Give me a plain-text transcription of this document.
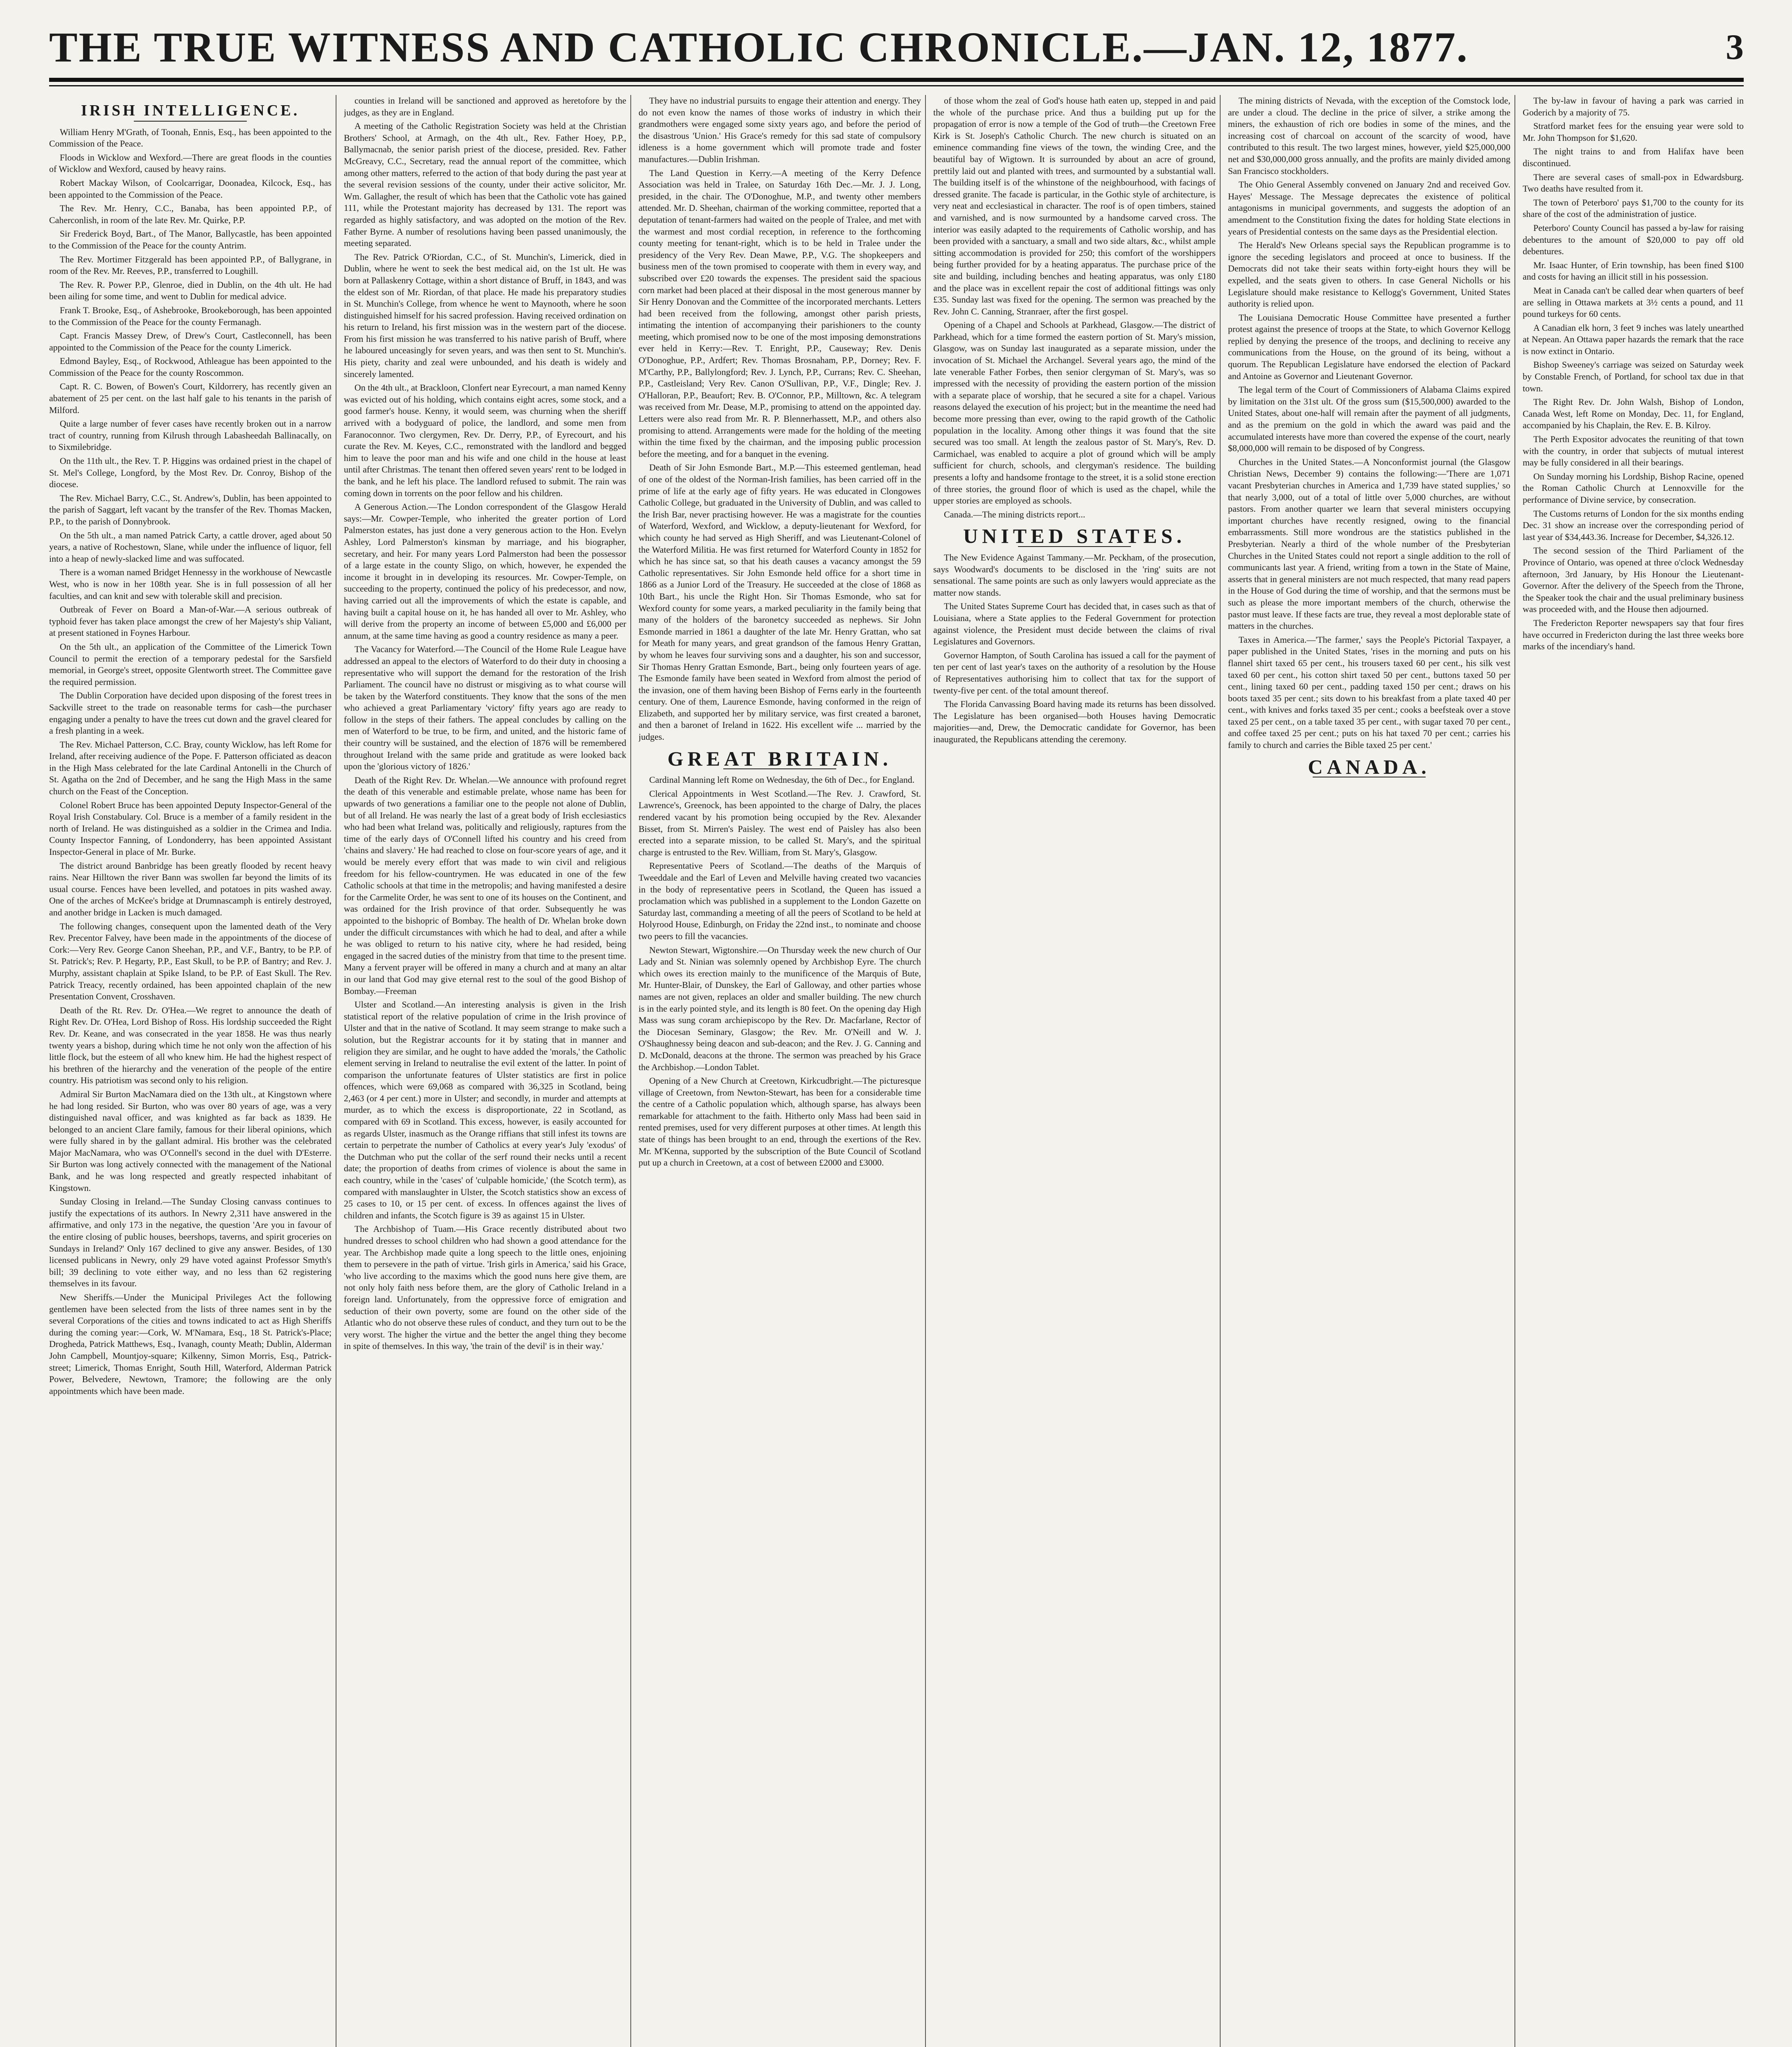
THE TRUE WITNESS AND CATHOLIC CHRONICLE.—JAN. 12, 1877.	3
IRISH INTELLIGENCE.

William Henry M'Grath, of Toonah, Ennis, Esq., has been appointed to the Commission of the Peace.

Floods in Wicklow and Wexford.—There are great floods in the counties of Wicklow and Wexford, caused by heavy rains.

Robert Mackay Wilson, of Coolcarrigar, Doonadea, Kilcock, Esq., has been appointed to the Commission of the Peace.

The Rev. Mr. Henry, C.C., Banaba, has been appointed P.P., of Caherconlish, in room of the late Rev. Mr. Quirke, P.P.

Sir Frederick Boyd, Bart., of The Manor, Ballycastle, has been appointed to the Commission of the Peace for the county Antrim.

The Rev. Mortimer Fitzgerald has been appointed P.P., of Ballygrane, in room of the Rev. Mr. Reeves, P.P., transferred to Loughill.

The Rev. R. Power P.P., Glenroe, died in Dublin, on the 4th ult. He had been ailing for some time, and went to Dublin for medical advice.

Frank T. Brooke, Esq., of Ashebrooke, Brookeborough, has been appointed to the Commission of the Peace for the county Fermanagh.

Capt. Francis Massey Drew, of Drew's Court, Castleconnell, has been appointed to the Commission of the Peace for the county Limerick.

Edmond Bayley, Esq., of Rockwood, Athleague has been appointed to the Commission of the Peace for the county Roscommon.

Capt. R. C. Bowen, of Bowen's Court, Kildorrery, has recently given an abatement of 25 per cent. on the last half gale to his tenants in the parish of Milford.

Quite a large number of fever cases have recently broken out in a narrow tract of country, running from Kilrush through Labasheedah Ballinacally, on to Sixmilebridge.

On the 11th ult., the Rev. T. P. Higgins was ordained priest in the chapel of St. Mel's College, Longford, by the Most Rev. Dr. Conroy, Bishop of the diocese.

The Rev. Michael Barry, C.C., St. Andrew's, Dublin, has been appointed to the parish of Saggart, left vacant by the transfer of the Rev. Thomas Macken, P.P., to the parish of Donnybrook.

On the 5th ult., a man named Patrick Carty, a cattle drover, aged about 50 years, a native of Rochestown, Slane, while under the influence of liquor, fell into a heap of newly-slacked lime and was suffocated.

There is a woman named Bridget Hennessy in the workhouse of Newcastle West, who is now in her 108th year. She is in full possession of all her faculties, and can knit and sew with tolerable skill and precision.

Outbreak of Fever on Board a Man-of-War.—A serious outbreak of typhoid fever has taken place amongst the crew of her Majesty's ship Valiant, at present stationed in Foynes Harbour.

On the 5th ult., an application of the Committee of the Limerick Town Council to permit the erection of a temporary pedestal for the Sarsfield memorial, in George's street, opposite Glentworth street. The Committee gave the required permission.

The Dublin Corporation have decided upon disposing of the forest trees in Sackville street to the trade on reasonable terms for cash—the purchaser engaging under a penalty to have the trees cut down and the gravel cleared for a fresh planting in a week.

The Rev. Michael Patterson, C.C. Bray, county Wicklow, has left Rome for Ireland, after receiving audience of the Pope. F. Patterson officiated as deacon in the High Mass celebrated for the late Cardinal Antonelli in the Church of St. Agatha on the 2nd of December, and he sang the High Mass in the same church on the Feast of the Conception.

Colonel Robert Bruce has been appointed Deputy Inspector-General of the Royal Irish Constabulary. Col. Bruce is a member of a family resident in the north of Ireland. He was distinguished as a soldier in the Crimea and India. County Inspector Fanning, of Londonderry, has been appointed Assistant Inspector-General in place of Mr. Burke.

The district around Banbridge has been greatly flooded by recent heavy rains. Near Hilltown the river Bann was swollen far beyond the limits of its usual course. Fences have been levelled, and potatoes in pits washed away. One of the arches of McKee's bridge at Drumnascamph is entirely destroyed, and another bridge in Lacken is much damaged.

The following changes, consequent upon the lamented death of the Very Rev. Precentor Falvey, have been made in the appointments of the diocese of Cork:—Very Rev. George Canon Sheehan, P.P., and V.F., Bantry, to be P.P. of St. Patrick's; Rev. P. Hegarty, P.P., East Skull, to be P.P. of Bantry; and Rev. J. Murphy, assistant chaplain at Spike Island, to be P.P. of East Skull. The Rev. Patrick Treacy, recently ordained, has been appointed chaplain of the new Presentation Convent, Crosshaven.

Death of the Rt. Rev. Dr. O'Hea.—We regret to announce the death of Right Rev. Dr. O'Hea, Lord Bishop of Ross. His lordship succeeded the Right Rev. Dr. Keane, and was consecrated in the year 1858. He was thus nearly twenty years a bishop, during which time he not only won the affection of his little flock, but the esteem of all who knew him. He had the highest respect of his brethren of the hierarchy and the veneration of the people of the entire country. His patriotism was second only to his religion.

Admiral Sir Burton MacNamara died on the 13th ult., at Kingstown where he had long resided. Sir Burton, who was over 80 years of age, was a very distinguished naval officer, and was knighted as far back as 1839. He belonged to an ancient Clare family, famous for their liberal opinions, which were fully shared in by the gallant admiral. His brother was the celebrated Major MacNamara, who was O'Connell's second in the duel with D'Esterre. Sir Burton was long actively connected with the management of the National Bank, and he was long respected and greatly respected inhabitant of Kingstown.

Sunday Closing in Ireland.—The Sunday Closing canvass continues to justify the expectations of its authors. In Newry 2,311 have answered in the affirmative, and only 173 in the negative, the question 'Are you in favour of the entire closing of public houses, beershops, taverns, and spirit groceries on Sundays in Ireland?' Only 167 declined to give any answer. Besides, of 130 licensed publicans in Newry, only 29 have voted against Professor Smyth's bill; 39 declining to vote either way, and no less than 62 registering themselves in its favour.

New Sheriffs.—Under the Municipal Privileges Act the following gentlemen have been selected from the lists of three names sent in by the several Corporations of the cities and towns indicated to act as High Sheriffs during the coming year:—Cork, W. M'Namara, Esq., 18 St. Patrick's-Place; Drogheda, Patrick Matthews, Esq., Ivanagh, county Meath; Dublin, Alderman John Campbell, Mountjoy-square; Kilkenny, Simon Morris, Esq., Patrick-street; Limerick, Thomas Enright, South Hill, Waterford, Alderman Patrick Power, Belvedere, Newtown, Tramore; the following are the only appointments which have been made.

counties in Ireland will be sanctioned and approved as heretofore by the judges, as they are in England.

A meeting of the Catholic Registration Society was held at the Christian Brothers' School, at Armagh, on the 4th ult., Rev. Father Hoey, P.P., Ballymacnab, the senior parish priest of the diocese, presided. Rev. Father McGreavy, C.C., Secretary, read the annual report of the committee, which among other matters, referred to the action of that body during the past year at the several revision sessions of the county, under their active solicitor, Mr. Wm. Gallagher, the result of which has been that the Catholic vote has gained 111, while the Protestant majority has decreased by 131. The report was regarded as highly satisfactory, and was adopted on the motion of the Rev. Father Byrne. A number of resolutions having been passed unanimously, the meeting separated.

The Rev. Patrick O'Riordan, C.C., of St. Munchin's, Limerick, died in Dublin, where he went to seek the best medical aid, on the 1st ult. He was born at Pallaskenry Cottage, within a short distance of Bruff, in 1843, and was the eldest son of Mr. Riordan, of that place. He made his preparatory studies in St. Munchin's College, from whence he went to Maynooth, where he soon distinguished himself for his sacred profession. Having received ordination on his return to Ireland, his first mission was in the western part of the diocese. From his first mission he was transferred to his native parish of Bruff, where he laboured unceasingly for seven years, and was then sent to St. Munchin's. His piety, charity and zeal were unbounded, and his death is widely and sincerely lamented.

On the 4th ult., at Brackloon, Clonfert near Eyrecourt, a man named Kenny was evicted out of his holding, which contains eight acres, some stock, and a good farmer's house. Kenny, it would seem, was churning when the sheriff arrived with a bodyguard of police, the landlord, and some men from Faranoconnor. Two clergymen, Rev. Dr. Derry, P.P., of Eyrecourt, and his curate the Rev. M. Keyes, C.C., remonstrated with the landlord and begged him to leave the poor man and his wife and one child in the house at least until after Christmas. The tenant then offered seven years' rent to be lodged in the bank, and he left his place. The landlord refused to submit. The rain was coming down in torrents on the poor fellow and his children.

A Generous Action.—The London correspondent of the Glasgow Herald says:—Mr. Cowper-Temple, who inherited the greater portion of Lord Palmerston estates, has just done a very generous action to the Hon. Evelyn Ashley, Lord Palmerston's kinsman by marriage, and his biographer, secretary, and heir. For many years Lord Palmerston had been the possessor of a large estate in the county Sligo, on which, however, he expended the income it brought in in developing its resources. Mr. Cowper-Temple, on succeeding to the property, continued the policy of his predecessor, and now, having carried out all the improvements of which the estate is capable, and having built a capital house on it, he has handed all over to Mr. Ashley, who will derive from the property an income of between £5,000 and £6,000 per annum, at the same time having as good a country residence as many a peer.

The Vacancy for Waterford.—The Council of the Home Rule League have addressed an appeal to the electors of Waterford to do their duty in choosing a representative who will support the demand for the restoration of the Irish Parliament. The council have no distrust or misgiving as to what course will be taken by the Waterford constituents. They know that the sons of the men who achieved a great Parliamentary 'victory' fifty years ago are ready to follow in the steps of their fathers. The appeal concludes by calling on the men of Waterford to be true, to be firm, and united, and the historic fame of their country will be sustained, and the election of 1876 will be remembered throughout Ireland with the same pride and gratitude as were looked back upon the 'glorious victory of 1826.'

Death of the Right Rev. Dr. Whelan.—We announce with profound regret the death of this venerable and estimable prelate, whose name has been for upwards of two generations a familiar one to the people not alone of Dublin, but of all Ireland. He was nearly the last of a great body of Irish ecclesiastics who had been what Ireland was, politically and religiously, raptures from the time of the early days of O'Connell lifted his country and his creed from 'chains and slavery.' He had reached to close on four-score years of age, and it would be merely every effort that was made to win civil and religious freedom for his fellow-countrymen. He was educated in one of the few Catholic schools at that time in the metropolis; and having manifested a desire for the Carmelite Order, he was sent to one of its houses on the Continent, and was ordained for the Irish province of that order. Subsequently he was appointed to the bishopric of Bombay. The health of Dr. Whelan broke down under the difficult circumstances with which he had to deal, and after a while he was obliged to return to his native city, where he had resided, being engaged in the sacred duties of the ministry from that time to the present time. Many a fervent prayer will be offered in many a church and at many an altar in our land that God may give eternal rest to the soul of the good Bishop of Bombay.—Freeman

Ulster and Scotland.—An interesting analysis is given in the Irish statistical report of the relative population of crime in the Irish province of Ulster and that in the native of Scotland. It may seem strange to make such a solution, but the Registrar accounts for it by stating that in manner and religion they are similar, and he ought to have added the 'morals,' the Catholic element serving in Ireland to neutralise the evil extent of the latter. In point of comparison the unfortunate features of Ulster statistics are first in police offences, which were 69,068 as compared with 36,325 in Scotland, being 2,463 (or 4 per cent.) more in Ulster; and secondly, in murder and attempts at murder, as to which the excess is disproportionate, 22 in Scotland, as compared with 69 in Scotland. This excess, however, is easily accounted for as regards Ulster, inasmuch as the Orange riffians that still infest its towns are certain to perpetrate the number of Catholics at every year's July 'exodus' of the Dutchman who put the collar of the serf round their necks until a recent date; the proportion of deaths from crimes of violence is about the same in each country, while in the 'cases' of 'culpable homicide,' (the Scotch term), as compared with manslaughter in Ulster, the Scotch statistics show an excess of 25 cases to 10, or 15 per cent. of excess. In offences against the lives of children and infants, the Scotch figure is 39 as against 15 in Ulster.

The Archbishop of Tuam.—His Grace recently distributed about two hundred dresses to school children who had shown a good attendance for the year. The Archbishop made quite a long speech to the little ones, enjoining them to persevere in the path of virtue. 'Irish girls in America,' said his Grace, 'who live according to the maxims which the good nuns here give them, are not only holy faith ness before them, are the glory of Catholic Ireland in a foreign land. Unfortunately, from the oppressive force of emigration and seduction of their own poverty, some are found on the other side of the Atlantic who do not observe these rules of conduct, and they turn out to be the very worst. The higher the virtue and the better the angel thing they become in spite of themselves. In this way, 'the train of the devil' is in their way.'

They have no industrial pursuits to engage their attention and energy. They do not even know the names of those works of industry in which their grandmothers were engaged some sixty years ago, and before the period of the disastrous 'Union.' His Grace's remedy for this sad state of compulsory idleness is a home government which will promote trade and foster manufactures.—Dublin Irishman.

The Land Question in Kerry.—A meeting of the Kerry Defence Association was held in Tralee, on Saturday 16th Dec.—Mr. J. J. Long, presided, in the chair. The O'Donoghue, M.P., and twenty other members attended. Mr. D. Sheehan, chairman of the working committee, reported that a deputation of tenant-farmers had waited on the people of Tralee, and met with the warmest and most cordial reception, in reference to the forthcoming county meeting for tenant-right, which is to be held in Tralee under the presidency of the Very Rev. Dean Mawe, P.P., V.G. The shopkeepers and business men of the town promised to cooperate with them in every way, and subscribed over £20 towards the expenses. The president said the spacious corn market had been placed at their disposal in the most generous manner by Sir Henry Donovan and the Committee of the incorporated merchants. Letters had been received from the following, amongst other parish priests, intimating the intention of accompanying their parishioners to the county meeting, which promised now to be one of the most imposing demonstrations ever held in Kerry:—Rev. T. Enright, P.P., Causeway; Rev. Denis O'Donoghue, P.P., Ardfert; Rev. Thomas Brosnaham, P.P., Dorney; Rev. F. M'Carthy, P.P., Ballylongford; Rev. J. Lynch, P.P., Currans; Rev. C. Sheehan, P.P., Castleisland; Very Rev. Canon O'Sullivan, P.P., V.F., Dingle; Rev. J. O'Halloran, P.P., Beaufort; Rev. B. O'Connor, P.P., Milltown, &c. A telegram was received from Mr. Dease, M.P., promising to attend on the appointed day. Letters were also read from Mr. R. P. Blennerhassett, M.P., and others also promising to attend. Arrangements were made for the holding of the meeting within the time fixed by the chairman, and the imposing public procession before the meeting, and for a banquet in the evening.

Death of Sir John Esmonde Bart., M.P.—This esteemed gentleman, head of one of the oldest of the Norman-Irish families, has been carried off in the prime of life at the early age of fifty years. He was educated in Clongowes Catholic College, but graduated in the University of Dublin, and was called to the Irish Bar, never practising however. He was a magistrate for the counties of Waterford, Wexford, and Wicklow, a deputy-lieutenant for Wexford, for which county he had served as High Sheriff, and was Lieutenant-Colonel of the Waterford Militia. He was first returned for Waterford County in 1852 for which he has since sat, so that his death causes a vacancy amongst the 59 Catholic representatives. Sir John Esmonde held office for a short time in 1866 as a Junior Lord of the Treasury. He succeeded at the close of 1868 as 10th Bart., his uncle the Right Hon. Sir Thomas Esmonde, who sat for Wexford county for some years, a marked peculiarity in the family being that many of the holders of the baronetcy succeeded as nephews. Sir John Esmonde married in 1861 a daughter of the late Mr. Henry Grattan, who sat for Meath for many years, and great grandson of the famous Henry Grattan, by whom he leaves four surviving sons and a daughter, his son and successor, Sir Thomas Henry Grattan Esmonde, Bart., being only fourteen years of age. The Esmonde family have been seated in Wexford from almost the period of the invasion, one of them having been Bishop of Ferns early in the fourteenth century. One of them, Laurence Esmonde, having conformed in the reign of Elizabeth, and supported her by military service, was first created a baronet, and then a baronet of Ireland in 1622. His excellent wife ... married by the judges.

GREAT BRITAIN.

Cardinal Manning left Rome on Wednesday, the 6th of Dec., for England.

Clerical Appointments in West Scotland.—The Rev. J. Crawford, St. Lawrence's, Greenock, has been appointed to the charge of Dalry, the places rendered vacant by his promotion being occupied by the Rev. Alexander Bisset, from St. Mirren's Paisley. The west end of Paisley has also been erected into a separate mission, to be called St. Mary's, and the spiritual charge is entrusted to the Rev. William, from St. Mary's, Glasgow.

Representative Peers of Scotland.—The deaths of the Marquis of Tweeddale and the Earl of Leven and Melville having created two vacancies in the body of representative peers in Scotland, the Queen has issued a proclamation which was published in a supplement to the London Gazette on Saturday last, commanding a meeting of all the peers of Scotland to be held at Holyrood House, Edinburgh, on Friday the 22nd inst., to nominate and choose two peers to fill the vacancies.

Newton Stewart, Wigtonshire.—On Thursday week the new church of Our Lady and St. Ninian was solemnly opened by Archbishop Eyre. The church which owes its erection mainly to the munificence of the Marquis of Bute, Mr. Hunter-Blair, of Dunskey, the Earl of Galloway, and other parties whose names are not given, replaces an older and smaller building. The new church is in the early pointed style, and its length is 80 feet. On the opening day High Mass was sung coram archiepiscopo by the Rev. Dr. Macfarlane, Rector of the Diocesan Seminary, Glasgow; the Rev. Mr. O'Neill and W. J. O'Shaughnessy being deacon and sub-deacon; and the Rev. J. G. Canning and D. McDonald, deacons at the throne. The sermon was preached by his Grace the Archbishop.—London Tablet.

Opening of a New Church at Creetown, Kirkcudbright.—The picturesque village of Creetown, from Newton-Stewart, has been for a considerable time the centre of a Catholic population which, although sparse, has always been remarkable for attachment to the faith. Hitherto only Mass had been said in rented premises, used for very different purposes at other times. At length this state of things has been brought to an end, through the exertions of the Rev. Mr. M'Kenna, supported by the subscription of the Bute Council of Scotland put up a church in Creetown, at a cost of between £2000 and £3000.

of those whom the zeal of God's house hath eaten up, stepped in and paid the whole of the purchase price. And thus a building put up for the propagation of error is now a temple of the God of truth—the Creetown Free Kirk is St. Joseph's Catholic Church. The new church is situated on an eminence commanding fine views of the town, the winding Cree, and the beautiful bay of Wigtown. It is surrounded by about an acre of ground, prettily laid out and planted with trees, and surmounted by a substantial wall. The building itself is of the whinstone of the neighbourhood, with facings of dressed granite. The facade is particular, in the Gothic style of architecture, is very neat and ecclesiastical in character. The roof is of open timbers, stained and varnished, and is now surmounted by a handsome carved cross. The interior was easily adapted to the requirements of Catholic worship, and has been provided with a sanctuary, a small and two side altars, &c., whilst ample sitting accommodation is provided for 250; this comfort of the worshippers being further provided for by a heating apparatus. The purchase price of the site and building, including benches and heating apparatus, was only £180 and the place was in excellent repair the cost of additional fittings was only £35. Sunday last was fixed for the opening. The sermon was preached by the Rev. John C. Canning, Stranraer, after the first gospel.

Opening of a Chapel and Schools at Parkhead, Glasgow.—The district of Parkhead, which for a time formed the eastern portion of St. Mary's mission, Glasgow, was on Sunday last inaugurated as a separate mission, under the invocation of St. Michael the Archangel. Several years ago, the mind of the late venerable Father Forbes, then senior clergyman of St. Mary's, was so impressed with the necessity of providing the eastern portion of the mission with a separate place of worship, that he secured a site for a chapel. Various reasons delayed the execution of his project; but in the meantime the need had become more pressing than ever, owing to the rapid growth of the Catholic population in the locality. Among other things it was found that the site secured was too small. At length the zealous pastor of St. Mary's, Rev. D. Carmichael, was enabled to acquire a plot of ground which will be amply sufficient for church, schools, and clergyman's residence. The building presents a lofty and handsome frontage to the street, it is a solid stone erection of three stories, the ground floor of which is used as the chapel, while the upper stories are employed as schools.

Canada.—The mining districts report...

UNITED STATES.

The New Evidence Against Tammany.—Mr. Peckham, of the prosecution, says Woodward's documents to be disclosed in the 'ring' suits are not sensational. The same points are such as only lawyers would appreciate as the matter now stands.

The United States Supreme Court has decided that, in cases such as that of Louisiana, where a State applies to the Federal Government for protection against violence, the President must decide between the claims of rival Legislatures and Governors.

Governor Hampton, of South Carolina has issued a call for the payment of ten per cent of last year's taxes on the authority of a resolution by the House of Representatives authorising him to collect that tax for the support of twenty-five per cent. of the total amount thereof.

The Florida Canvassing Board having made its returns has been dissolved. The Legislature has been organised—both Houses having Democratic majorities—and, Drew, the Democratic candidate for Governor, has been inaugurated, the Republicans attending the ceremony.

The mining districts of Nevada, with the exception of the Comstock lode, are under a cloud. The decline in the price of silver, a strike among the miners, the exhaustion of rich ore bodies in some of the mines, and the increasing cost of charcoal on account of the scarcity of wood, have contributed to this result. The two largest mines, however, yield $25,000,000 net and $30,000,000 gross annually, and the profits are mainly divided among San Francisco stockholders.

The Ohio General Assembly convened on January 2nd and received Gov. Hayes' Message. The Message deprecates the existence of political antagonisms in municipal governments, and suggests the adoption of an amendment to the Constitution fixing the dates for holding State elections in years of Presidential contests on the same days as the Presidential election.

The Herald's New Orleans special says the Republican programme is to ignore the seceding legislators and proceed at once to business. If the Democrats did not take their seats within forty-eight hours they will be expelled, and the seats given to others. In case General Nicholls or his Legislature should make resistance to Kellogg's Government, United States authority is relied upon.

The Louisiana Democratic House Committee have presented a further protest against the presence of troops at the State, to which Governor Kellogg replied by denying the presence of the troops, and declining to receive any communications from the House, on the ground of its being, without a quorum. The Republican Legislature have endorsed the election of Packard and Antoine as Governor and Lieutenant Governor.

The legal term of the Court of Commissioners of Alabama Claims expired by limitation on the 31st ult. Of the gross sum ($15,500,000) awarded to the United States, about one-half will remain after the payment of all judgments, and as the premium on the gold in which the award was paid and the accumulated interests have more than covered the expense of the court, nearly $8,000,000 will remain to be disposed of by Congress.

Churches in the United States.—A Nonconformist journal (the Glasgow Christian News, December 9) contains the following:—'There are 1,071 vacant Presbyterian churches in America and 1,739 have stated supplies,' so that nearly 3,000, out of a total of little over 5,000 churches, are without pastors. From another quarter we learn that several ministers occupying important churches have recently resigned, owing to the financial embarrassments. Still more wondrous are the statistics published in the Presbyterian. Nearly a third of the whole number of the Presbyterian Churches in the United States could not report a single addition to the roll of communicants last year. A friend, writing from a town in the State of Maine, asserts that in general ministers are not much respected, that many read papers in the House of God during the time of worship, and that the sermons must be such as please the more important members of the church, otherwise the pastor must leave. If these facts are true, they reveal a most deplorable state of matters in the churches.

Taxes in America.—'The farmer,' says the People's Pictorial Taxpayer, a paper published in the United States, 'rises in the morning and puts on his flannel shirt taxed 65 per cent., his trousers taxed 60 per cent., his silk vest taxed 60 per cent., his cotton shirt taxed 50 per cent., buttons taxed 50 per cent., lining taxed 60 per cent., padding taxed 150 per cent.; draws on his boots taxed 35 per cent.; sits down to his breakfast from a plate taxed 40 per cent., with knives and forks taxed 35 per cent.; cooks a beefsteak over a stove taxed 25 per cent., on a table taxed 35 per cent., with sugar taxed 70 per cent., and coffee taxed 25 per cent.; puts on his hat taxed 70 per cent.; carries his family to church and carries the Bible taxed 25 per cent.'

CANADA.

The by-law in favour of having a park was carried in Goderich by a majority of 75.

Stratford market fees for the ensuing year were sold to Mr. John Thompson for $1,620.

The night trains to and from Halifax have been discontinued.

There are several cases of small-pox in Edwardsburg. Two deaths have resulted from it.

The town of Peterboro' pays $1,700 to the county for its share of the cost of the administration of justice.

Peterboro' County Council has passed a by-law for raising debentures to the amount of $20,000 to pay off old debentures.

Mr. Isaac Hunter, of Erin township, has been fined $100 and costs for having an illicit still in his possession.

Meat in Canada can't be called dear when quarters of beef are selling in Ottawa markets at 3½ cents a pound, and 11 pound turkeys for 60 cents.

A Canadian elk horn, 3 feet 9 inches was lately unearthed at Nepean. An Ottawa paper hazards the remark that the race is now extinct in Ontario.

Bishop Sweeney's carriage was seized on Saturday week by Constable French, of Portland, for school tax due in that town.

The Right Rev. Dr. John Walsh, Bishop of London, Canada West, left Rome on Monday, Dec. 11, for England, accompanied by his Chaplain, the Rev. E. B. Kilroy.

The Perth Expositor advocates the reuniting of that town with the country, in order that subjects of mutual interest may be fully considered in all their bearings.

On Sunday morning his Lordship, Bishop Racine, opened the Roman Catholic Church at Lennoxville for the performance of Divine service, by consecration.

The Customs returns of London for the six months ending Dec. 31 show an increase over the corresponding period of last year of $34,443.36. Increase for December, $4,326.12.

The second session of the Third Parliament of the Province of Ontario, was opened at three o'clock Wednesday afternoon, 3rd January, by His Honour the Lieutenant-Governor. After the delivery of the Speech from the Throne, the Speaker took the chair and the usual preliminary business was proceeded with, and the House then adjourned.

The Fredericton Reporter newspapers say that four fires have occurred in Fredericton during the last three weeks bore marks of the incendiary's hand.
